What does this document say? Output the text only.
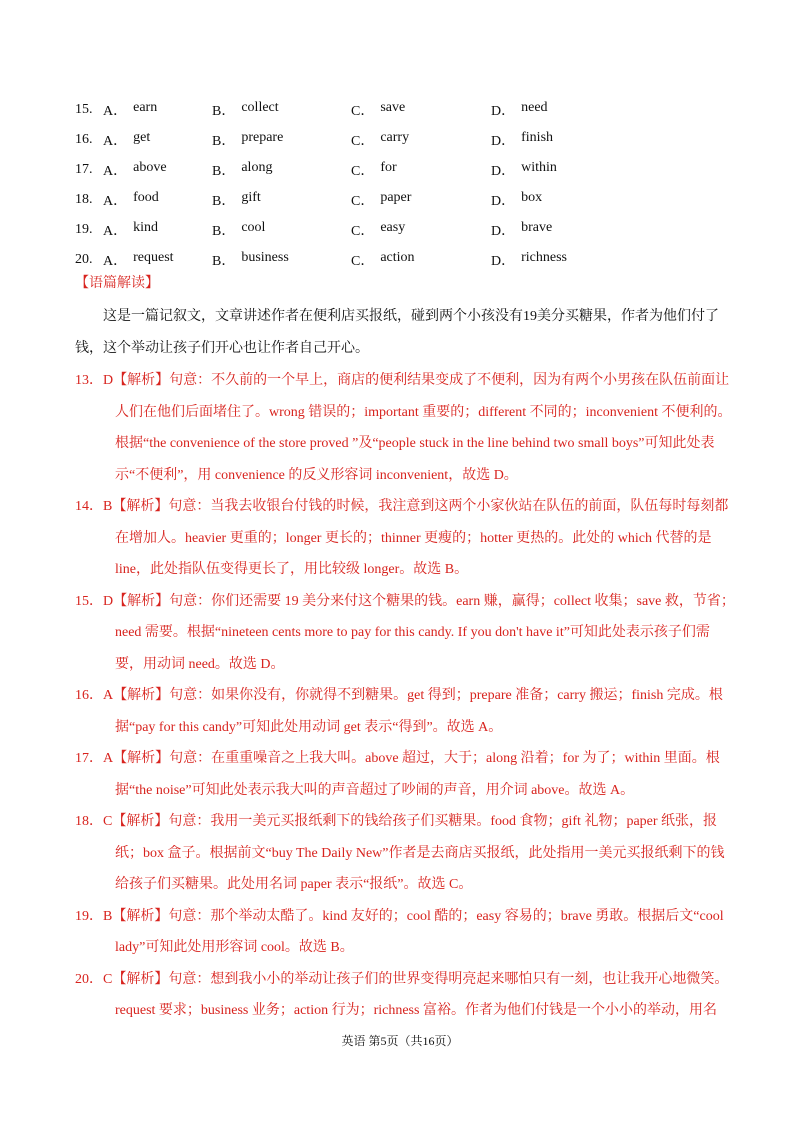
15. A． earn	B． collect	C． save	D． need
16. A． get	B． prepare	C． carry	D． finish
17. A． above	B． along	C． for	D． within
18. A． food	B． gift	C． paper	D． box
19. A． kind	B． cool	C． easy	D． brave
20. A． request	B． business	C． action	D． richness
【语篇解读】

这是一篇记叙文，文章讲述作者在便利店买报纸，碰到两个小孩没有19美分买糖果，作者为他们付了钱，这个举动让孩子们开心也让作者自己开心。

13．D【解析】句意：不久前的一个早上，商店的便利结果变成了不便利，因为有两个小男孩在队伍前面让人们在他们后面堵住了。wrong 错误的；important 重要的；different 不同的；inconvenient 不便利的。根据“the convenience of the store proved ”及“people stuck in the line behind two small boys”可知此处表示“不便利”，用 convenience 的反义形容词 inconvenient，故选 D。

14．B【解析】句意：当我去收银台付钱的时候，我注意到这两个小家伙站在队伍的前面，队伍每时每刻都在增加人。heavier 更重的；longer 更长的；thinner 更瘦的；hotter 更热的。此处的 which 代替的是line，此处指队伍变得更长了，用比较级 longer。故选 B。

15．D【解析】句意：你们还需要 19 美分来付这个糖果的钱。earn 赚，赢得；collect 收集；save 救，节省；need 需要。根据“nineteen cents more to pay for this candy. If you don't have it”可知此处表示孩子们需要，用动词 need。故选 D。

16．A【解析】句意：如果你没有，你就得不到糖果。get 得到；prepare 准备；carry 搬运；finish 完成。根据“pay for this candy”可知此处用动词 get 表示“得到”。故选 A。

17．A【解析】句意：在重重噪音之上我大叫。above 超过，大于；along 沿着；for 为了；within 里面。根据“the noise”可知此处表示我大叫的声音超过了吵闹的声音，用介词 above。故选 A。

18．C【解析】句意：我用一美元买报纸剩下的钱给孩子们买糖果。food 食物；gift 礼物；paper 纸张，报纸；box 盒子。根据前文“buy The Daily New”作者是去商店买报纸，此处指用一美元买报纸剩下的钱给孩子们买糖果。此处用名词 paper 表示“报纸”。故选 C。

19．B【解析】句意：那个举动太酷了。kind 友好的；cool 酷的；easy 容易的；brave 勇敢。根据后文“cool lady”可知此处用形容词 cool。故选 B。

20．C【解析】句意：想到我小小的举动让孩子们的世界变得明亮起来哪怕只有一刻，也让我开心地微笑。request 要求；business 业务；action 行为；richness 富裕。作者为他们付钱是一个小小的举动，用名

英语 第5页（共16页）
